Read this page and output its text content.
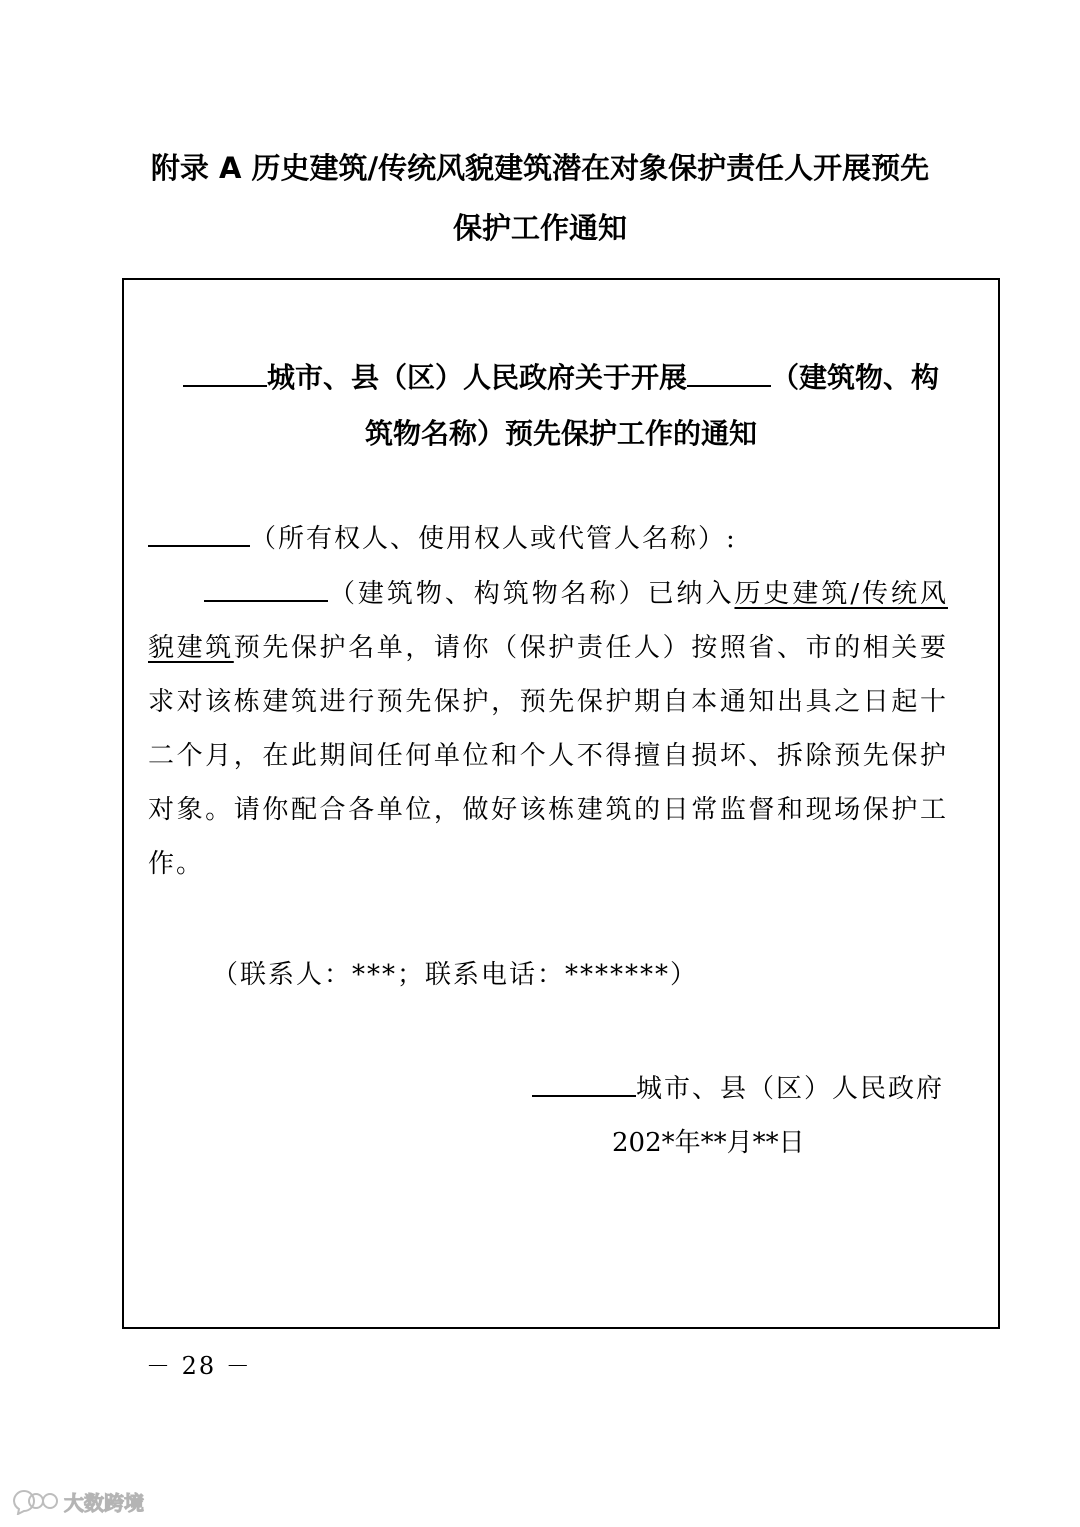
附录 A 历史建筑/传统风貌建筑潜在对象保护责任人开展预先
保护工作通知
城市、县（区）人民政府关于开展	（建筑物、构
筑物名称）预先保护工作的通知
（所有权人、使用权人或代管人名称）:
（建筑物、构筑物名称）已纳入历史建筑/传统风貌建筑预先保护名单，请你（保护责任人）按照省、市的相关要求对该栋建筑进行预先保护，预先保护期自本通知出具之日起十二个月，在此期间任何单位和个人不得擅自损坏、拆除预先保护对象。请你配合各单位，做好该栋建筑的日常监督和现场保护工作。
（联系人：***；联系电话：*******）
城市、县（区）人民政府
202*年**月**日
－ 28 －
大数跨境
